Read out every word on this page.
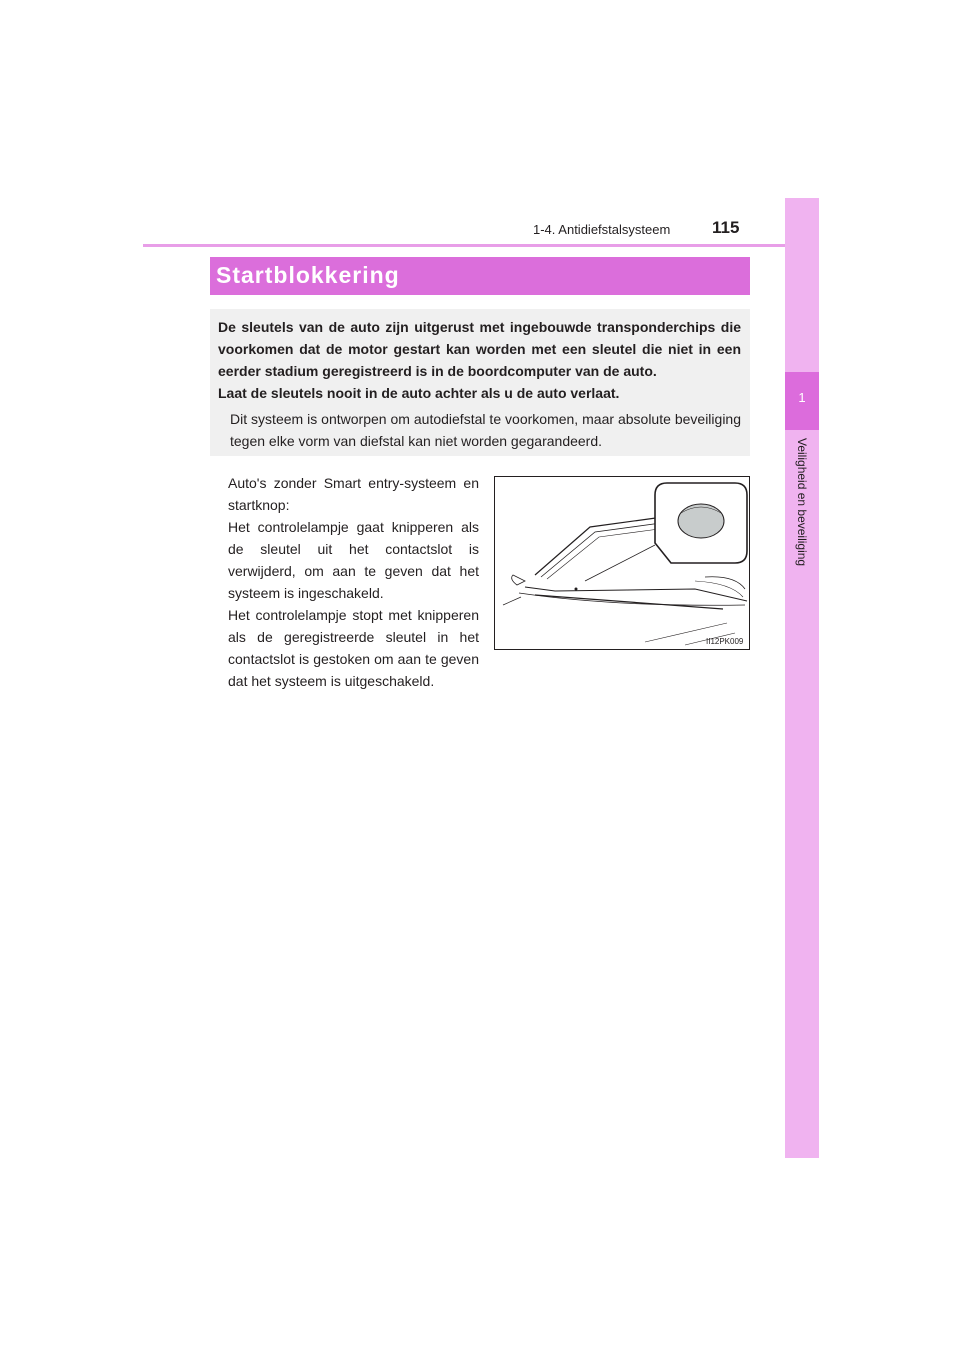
1-4. Antidiefstalsysteem 115
1
Veiligheid en beveiliging
Startblokkering

De sleutels van de auto zijn uitgerust met ingebouwde transponderchips die voorkomen dat de motor gestart kan worden met een sleutel die niet in een eerder stadium geregistreerd is in de boordcomputer van de auto.

Laat de sleutels nooit in de auto achter als u de auto verlaat.

Dit systeem is ontworpen om autodiefstal te voorkomen, maar absolute beveiliging tegen elke vorm van diefstal kan niet worden gegarandeerd.

Auto's zonder Smart entry-systeem en startknop:

Het controlelampje gaat knipperen als de sleutel uit het contactslot is verwijderd, om aan te geven dat het systeem is ingeschakeld.

Het controlelampje stopt met knipperen als de geregistreerde sleutel in het contactslot is gestoken om aan te geven dat het systeem is uitgeschakeld.

II12PK009
